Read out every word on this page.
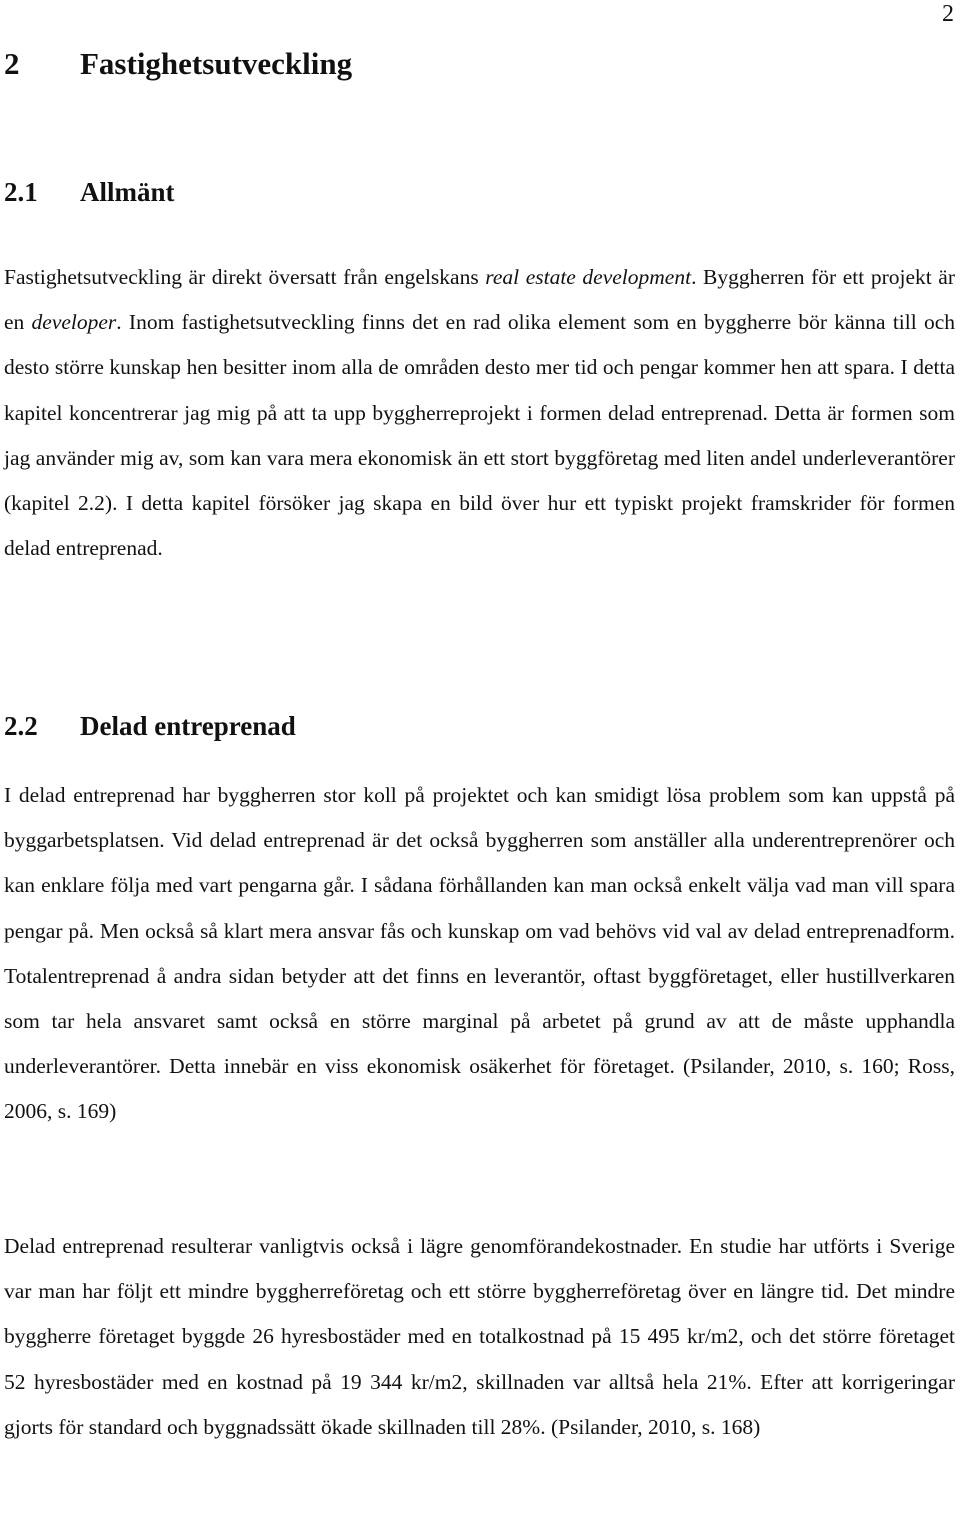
2
2 Fastighetsutveckling
2.1 Allmänt

Fastighetsutveckling är direkt översatt från engelskans real estate development. Byggherren för ett projekt är en developer. Inom fastighetsutveckling finns det en rad olika element som en byggherre bör känna till och desto större kunskap hen besitter inom alla de områden desto mer tid och pengar kommer hen att spara. I detta kapitel koncentrerar jag mig på att ta upp byggherreprojekt i formen delad entreprenad. Detta är formen som jag använder mig av, som kan vara mera ekonomisk än ett stort byggföretag med liten andel underleverantörer (kapitel 2.2). I detta kapitel försöker jag skapa en bild över hur ett typiskt projekt framskrider för formen delad entreprenad.

2.2 Delad entreprenad

I delad entreprenad har byggherren stor koll på projektet och kan smidigt lösa problem som kan uppstå på byggarbetsplatsen. Vid delad entreprenad är det också byggherren som anställer alla underentreprenörer och kan enklare följa med vart pengarna går. I sådana förhållanden kan man också enkelt välja vad man vill spara pengar på. Men också så klart mera ansvar fås och kunskap om vad behövs vid val av delad entreprenadform. Totalentreprenad å andra sidan betyder att det finns en leverantör, oftast byggföretaget, eller hustillverkaren som tar hela ansvaret samt också en större marginal på arbetet på grund av att de måste upphandla underleverantörer. Detta innebär en viss ekonomisk osäkerhet för företaget. (Psilander, 2010, s. 160; Ross, 2006, s. 169)

Delad entreprenad resulterar vanligtvis också i lägre genomförandekostnader. En studie har utförts i Sverige var man har följt ett mindre byggherreföretag och ett större byggherreföretag över en längre tid. Det mindre byggherre företaget byggde 26 hyresbostäder med en totalkostnad på 15 495 kr/m2, och det större företaget 52 hyresbostäder med en kostnad på 19 344 kr/m2, skillnaden var alltså hela 21%. Efter att korrigeringar gjorts för standard och byggnadssätt ökade skillnaden till 28%. (Psilander, 2010, s. 168)
